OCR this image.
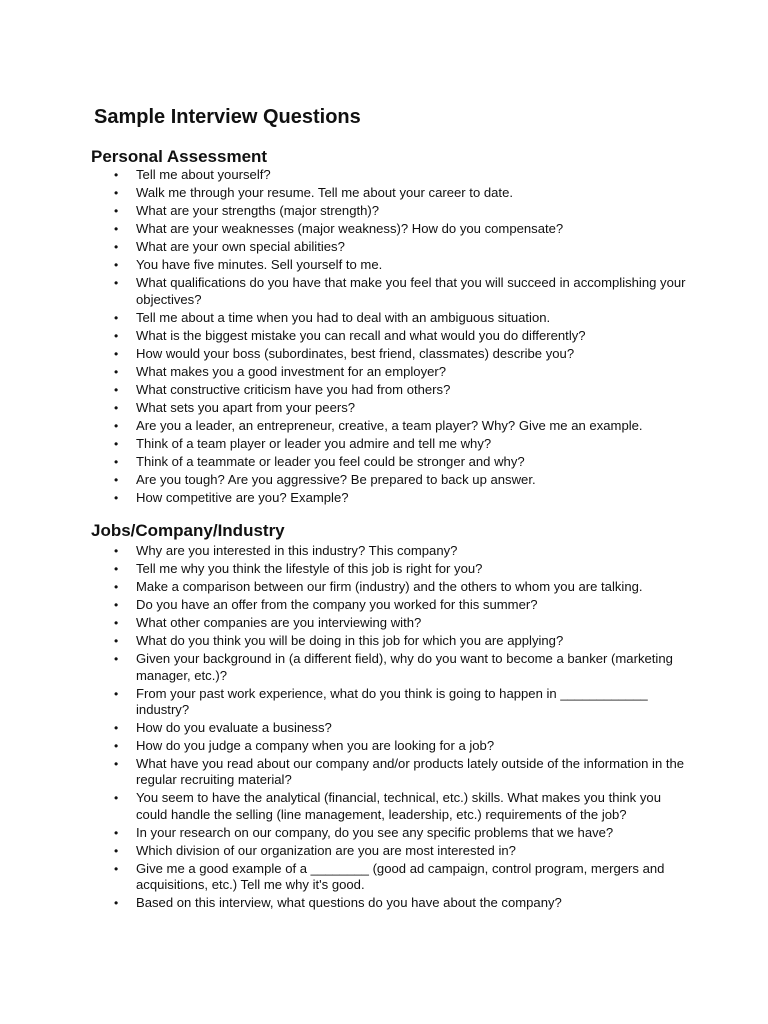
Sample Interview Questions
Personal Assessment
• Tell me about yourself?
• Walk me through your resume. Tell me about your career to date.
• What are your strengths (major strength)?
• What are your weaknesses (major weakness)? How do you compensate?
• What are your own special abilities?
• You have five minutes. Sell yourself to me.
• What qualifications do you have that make you feel that you will succeed in accomplishing your objectives?
• Tell me about a time when you had to deal with an ambiguous situation.
• What is the biggest mistake you can recall and what would you do differently?
• How would your boss (subordinates, best friend, classmates) describe you?
• What makes you a good investment for an employer?
• What constructive criticism have you had from others?
• What sets you apart from your peers?
• Are you a leader, an entrepreneur, creative, a team player? Why? Give me an example.
• Think of a team player or leader you admire and tell me why?
• Think of a teammate or leader you feel could be stronger and why?
• Are you tough? Are you aggressive? Be prepared to back up answer.
• How competitive are you? Example?
Jobs/Company/Industry
• Why are you interested in this industry? This company?
• Tell me why you think the lifestyle of this job is right for you?
• Make a comparison between our firm (industry) and the others to whom you are talking.
• Do you have an offer from the company you worked for this summer?
• What other companies are you interviewing with?
• What do you think you will be doing in this job for which you are applying?
• Given your background in (a different field), why do you want to become a banker (marketing manager, etc.)?
• From your past work experience, what do you think is going to happen in ____________ industry?
• How do you evaluate a business?
• How do you judge a company when you are looking for a job?
• What have you read about our company and/or products lately outside of the information in the regular recruiting material?
• You seem to have the analytical (financial, technical, etc.) skills. What makes you think you could handle the selling (line management, leadership, etc.) requirements of the job?
• In your research on our company, do you see any specific problems that we have?
• Which division of our organization are you are most interested in?
• Give me a good example of a ________ (good ad campaign, control program, mergers and acquisitions, etc.) Tell me why it's good.
• Based on this interview, what questions do you have about the company?
